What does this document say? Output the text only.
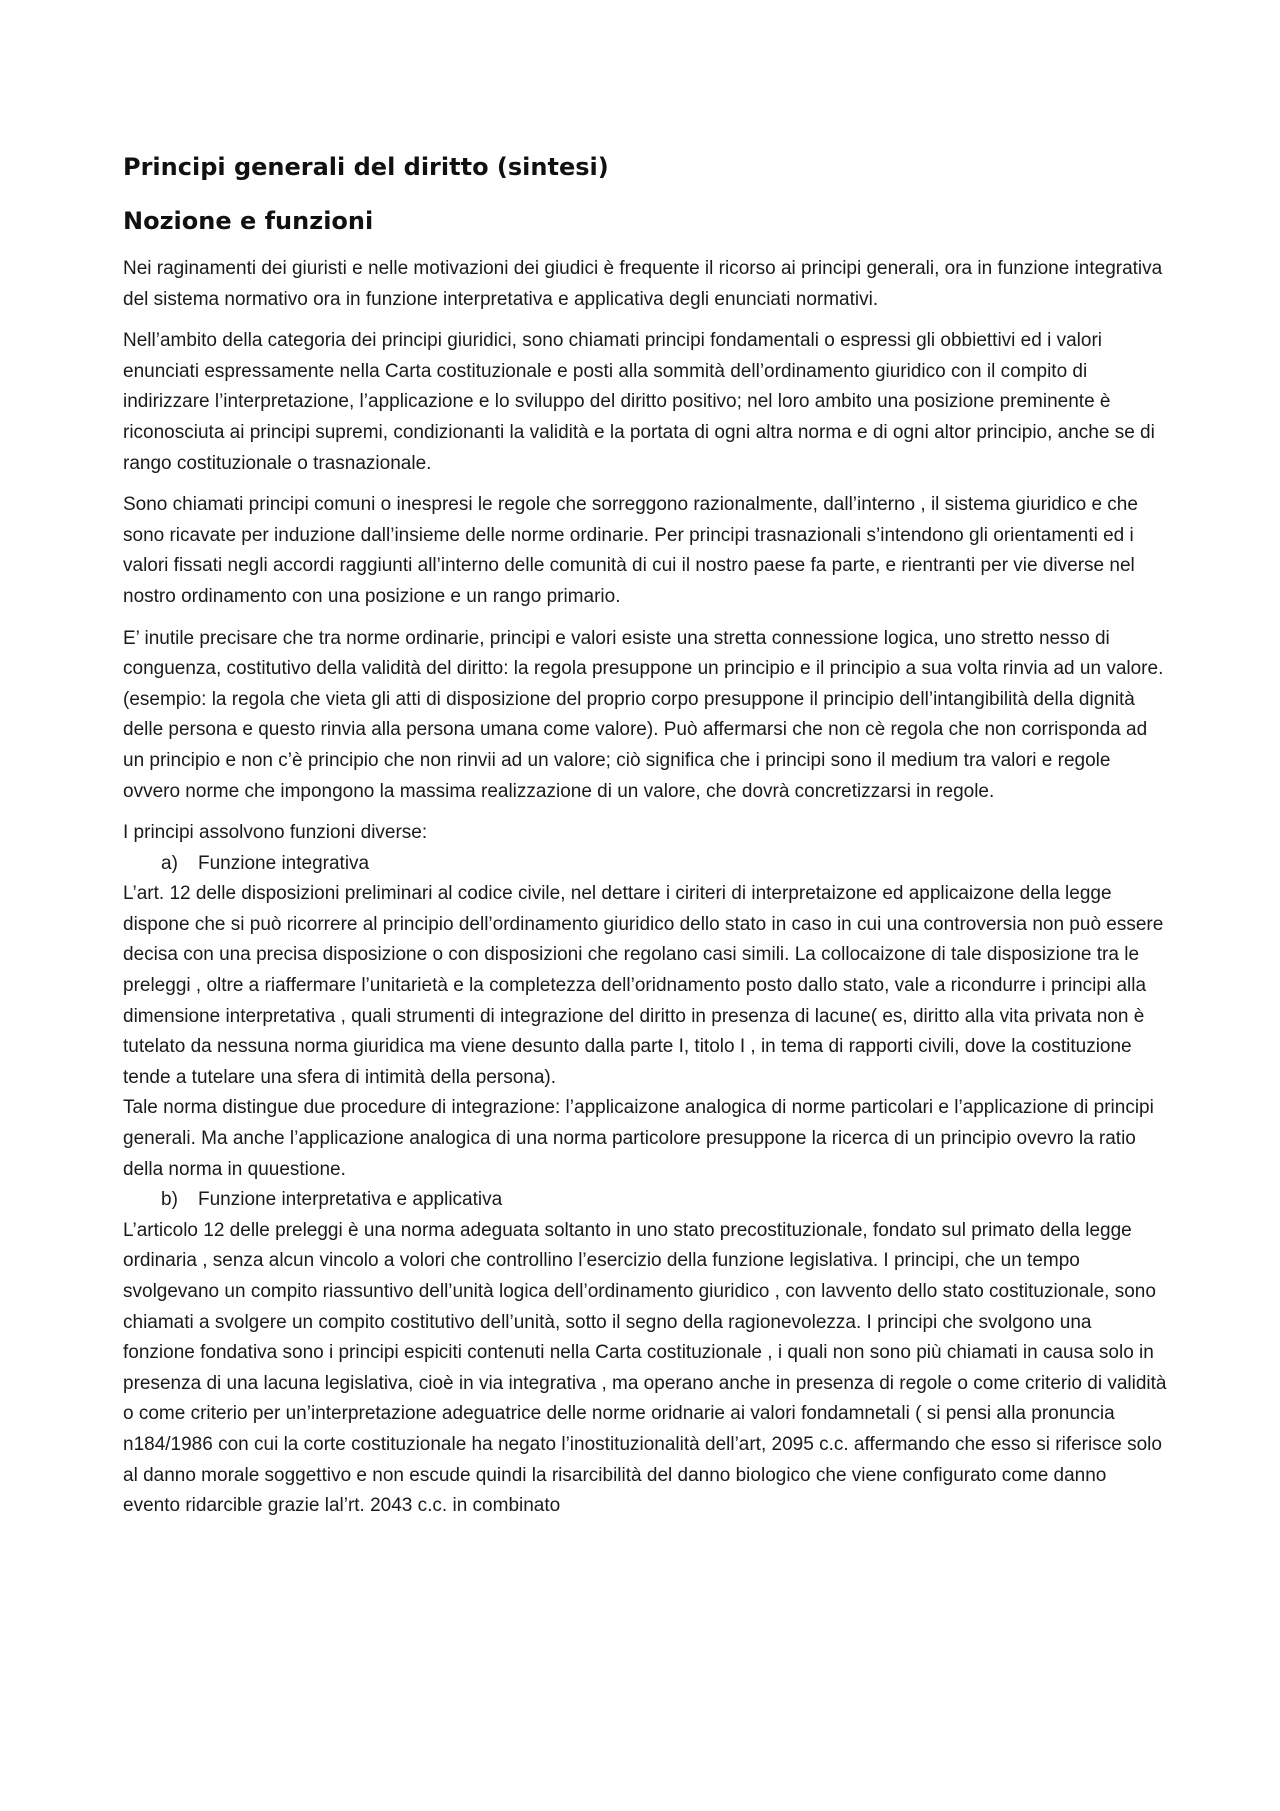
Principi generali del diritto (sintesi)
Nozione e funzioni

Nei raginamenti dei giuristi e nelle motivazioni dei giudici è frequente il ricorso ai principi generali, ora in funzione integrativa del sistema normativo ora in funzione interpretativa e applicativa degli enunciati normativi.

Nell’ambito della categoria dei principi giuridici, sono chiamati principi fondamentali o espressi gli obbiettivi ed i valori enunciati espressamente nella Carta costituzionale e posti alla sommità dell’ordinamento giuridico con il compito di indirizzare l’interpretazione, l’applicazione e lo sviluppo del diritto positivo; nel loro ambito una posizione preminente è riconosciuta ai principi supremi, condizionanti la validità e la portata di ogni altra norma e di ogni altor principio, anche se di rango costituzionale o trasnazionale.

Sono chiamati principi comuni o inespresi le regole che sorreggono razionalmente, dall’interno , il sistema giuridico e che sono ricavate per induzione dall’insieme delle norme ordinarie. Per principi trasnazionali s’intendono gli orientamenti ed i valori fissati negli accordi raggiunti all’interno delle comunità di cui il nostro paese fa parte, e rientranti per vie diverse nel nostro ordinamento con una posizione e un rango primario.

E’ inutile precisare che tra norme ordinarie, principi e valori esiste una stretta connessione logica, uno stretto nesso di conguenza, costitutivo della validità del diritto: la regola presuppone un principio e il principio a sua volta rinvia ad un valore. (esempio: la regola che vieta gli atti di disposizione del proprio corpo presuppone il principio dell’intangibilità della dignità delle persona e questo rinvia alla persona umana come valore). Può affermarsi che non cè regola che non corrisponda ad un principio e non c’è principio che non rinvii ad un valore; ciò significa che i principi sono il medium tra valori e regole ovvero norme che impongono la massima realizzazione di un valore, che dovrà concretizzarsi in regole.

I principi assolvono funzioni diverse:

a) Funzione integrativa

L’art. 12 delle disposizioni preliminari al codice civile, nel dettare i ciriteri di interpretaizone ed applicaizone della legge dispone che si può ricorrere al principio dell’ordinamento giuridico dello stato in caso in cui una controversia non può essere decisa con una precisa disposizione o con disposizioni che regolano casi simili. La collocaizone di tale disposizione tra le preleggi , oltre a riaffermare l’unitarietà e la completezza dell’oridnamento posto dallo stato, vale a ricondurre i principi alla dimensione interpretativa , quali strumenti di integrazione del diritto in presenza di lacune( es, diritto alla vita privata non è tutelato da nessuna norma giuridica ma viene desunto dalla parte I, titolo I , in tema di rapporti civili, dove la costituzione tende a tutelare una sfera di intimità della persona).

Tale norma distingue due procedure di integrazione: l’applicaizone analogica di norme particolari e l’applicazione di principi generali. Ma anche l’applicazione analogica di una norma particolore presuppone la ricerca di un principio ovevro la ratio della norma in quuestione.

b) Funzione interpretativa e applicativa

L’articolo 12 delle preleggi è una norma adeguata soltanto in uno stato precostituzionale, fondato sul primato della legge ordinaria , senza alcun vincolo a volori che controllino l’esercizio della funzione legislativa. I principi, che un tempo svolgevano un compito riassuntivo dell’unità logica dell’ordinamento giuridico , con lavvento dello stato costituzionale, sono chiamati a svolgere un compito costitutivo dell’unità, sotto il segno della ragionevolezza. I principi che svolgono una fonzione fondativa sono i principi espiciti contenuti nella Carta costituzionale , i quali non sono più chiamati in causa solo in presenza di una lacuna legislativa, cioè in via integrativa , ma operano anche in presenza di regole o come criterio di validità o come criterio per un’interpretazione adeguatrice delle norme oridnarie ai valori fondamnetali ( si pensi alla pronuncia n184/1986 con cui la corte costituzionale ha negato l’inostituzionalità dell’art, 2095 c.c. affermando che esso si riferisce solo al danno morale soggettivo e non escude quindi la risarcibilità del danno biologico che viene configurato come danno evento ridarcible grazie lal’rt. 2043 c.c. in combinato
